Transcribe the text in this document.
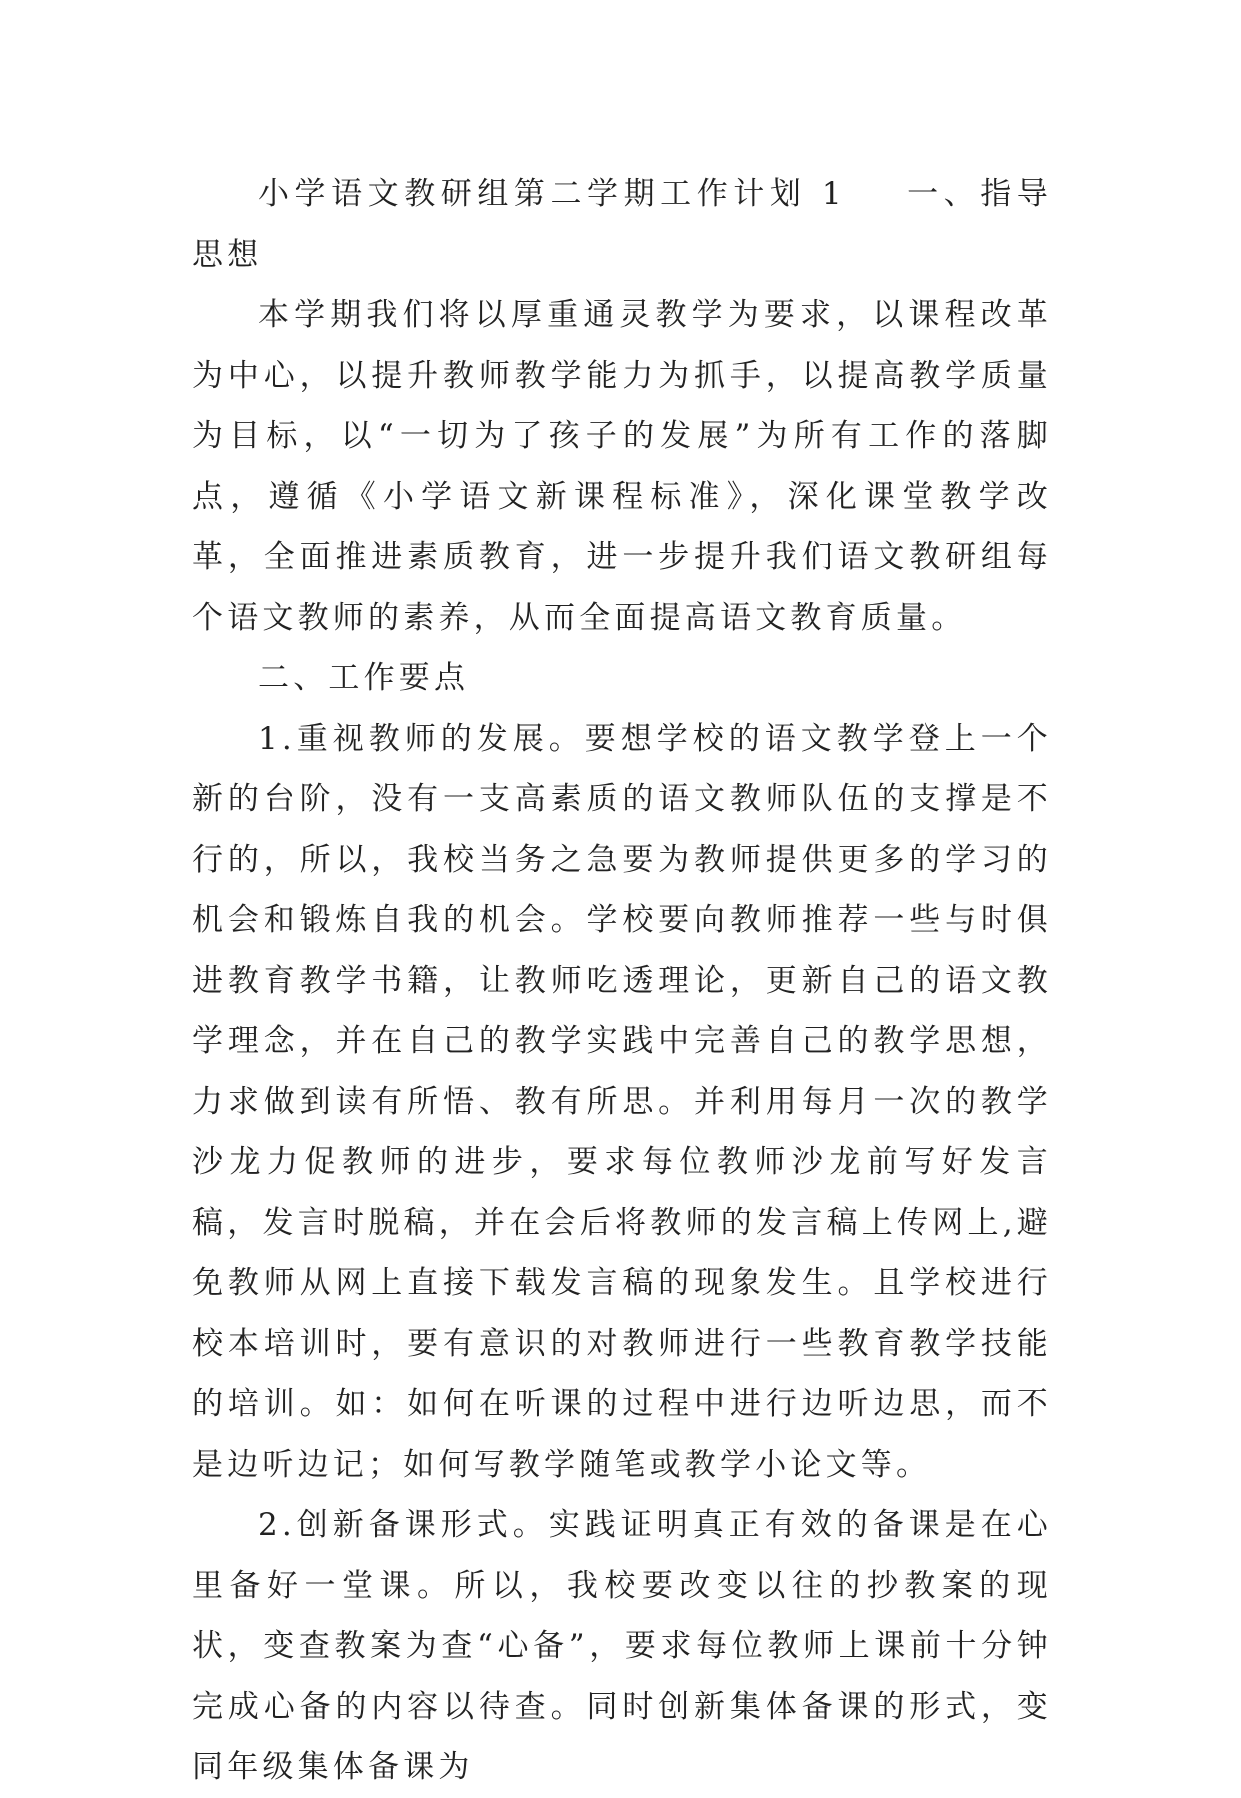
小学语文教研组第二学期工作计划 1 一、指导思想

本学期我们将以厚重通灵教学为要求，以课程改革为中心，以提升教师教学能力为抓手，以提高教学质量为目标，以“一切为了孩子的发展”为所有工作的落脚点，遵循《小学语文新课程标准》，深化课堂教学改革，全面推进素质教育，进一步提升我们语文教研组每个语文教师的素养，从而全面提高语文教育质量。

二、工作要点

1.重视教师的发展。要想学校的语文教学登上一个新的台阶，没有一支高素质的语文教师队伍的支撑是不行的，所以，我校当务之急要为教师提供更多的学习的机会和锻炼自我的机会。学校要向教师推荐一些与时俱进教育教学书籍，让教师吃透理论，更新自己的语文教学理念，并在自己的教学实践中完善自己的教学思想，力求做到读有所悟、教有所思。并利用每月一次的教学沙龙力促教师的进步，要求每位教师沙龙前写好发言稿，发言时脱稿，并在会后将教师的发言稿上传网上,避免教师从网上直接下载发言稿的现象发生。且学校进行校本培训时，要有意识的对教师进行一些教育教学技能的培训。如：如何在听课的过程中进行边听边思，而不是边听边记；如何写教学随笔或教学小论文等。

2.创新备课形式。实践证明真正有效的备课是在心里备好一堂课。所以，我校要改变以往的抄教案的现状，变查教案为查“心备”，要求每位教师上课前十分钟完成心备的内容以待查。同时创新集体备课的形式，变同年级集体备课为
